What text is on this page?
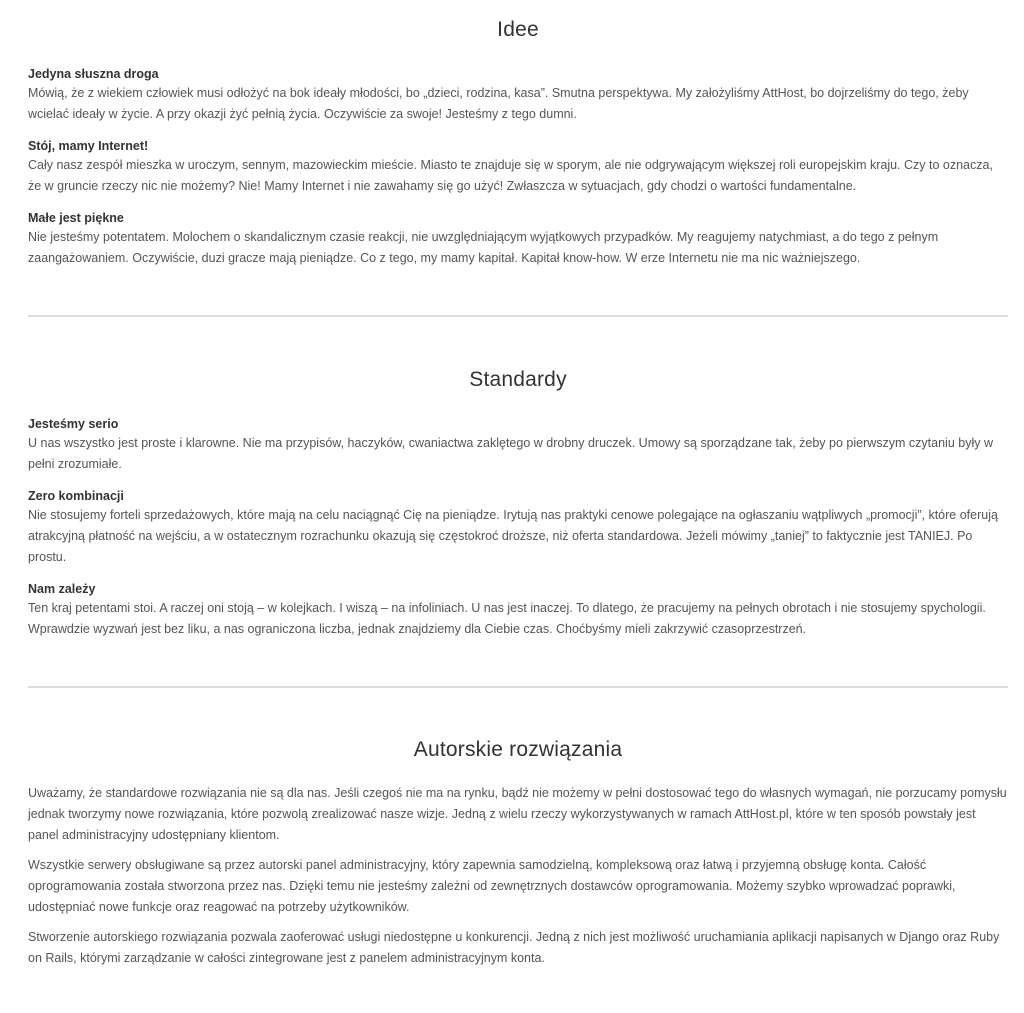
Idee
Jedyna słuszna droga
Mówią, że z wiekiem człowiek musi odłożyć na bok ideały młodości, bo „dzieci, rodzina, kasa”. Smutna perspektywa. My założyliśmy AttHost, bo dojrzeliśmy do tego, żeby wcielać ideały w życie. A przy okazji żyć pełnią życia. Oczywiście za swoje! Jesteśmy z tego dumni.
Stój, mamy Internet!
Cały nasz zespół mieszka w uroczym, sennym, mazowieckim mieście. Miasto te znajduje się w sporym, ale nie odgrywającym większej roli europejskim kraju. Czy to oznacza, że w gruncie rzeczy nic nie możemy? Nie! Mamy Internet i nie zawahamy się go użyć! Zwłaszcza w sytuacjach, gdy chodzi o wartości fundamentalne.
Małe jest piękne
Nie jesteśmy potentatem. Molochem o skandalicznym czasie reakcji, nie uwzględniającym wyjątkowych przypadków. My reagujemy natychmiast, a do tego z pełnym zaangażowaniem. Oczywiście, duzi gracze mają pieniądze. Co z tego, my mamy kapitał. Kapitał know-how. W erze Internetu nie ma nic ważniejszego.
Standardy
Jesteśmy serio
U nas wszystko jest proste i klarowne. Nie ma przypisów, haczyków, cwaniactwa zaklętego w drobny druczek. Umowy są sporządzane tak, żeby po pierwszym czytaniu były w pełni zrozumiałe.
Zero kombinacji
Nie stosujemy forteli sprzedażowych, które mają na celu naciągnąć Cię na pieniądze. Irytują nas praktyki cenowe polegające na ogłaszaniu wątpliwych „promocji”, które oferują atrakcyjną płatność na wejściu, a w ostatecznym rozrachunku okazują się częstokroć droższe, niż oferta standardowa. Jeżeli mówimy „taniej” to faktycznie jest TANIEJ. Po prostu.
Nam zależy
Ten kraj petentami stoi. A raczej oni stoją – w kolejkach. I wiszą – na infoliniach. U nas jest inaczej. To dlatego, że pracujemy na pełnych obrotach i nie stosujemy spychologii. Wprawdzie wyzwań jest bez liku, a nas ograniczona liczba, jednak znajdziemy dla Ciebie czas. Choćbyśmy mieli zakrzywić czasoprzestrzeń.
Autorskie rozwiązania
Uważamy, że standardowe rozwiązania nie są dla nas. Jeśli czegoś nie ma na rynku, bądź nie możemy w pełni dostosować tego do własnych wymagań, nie porzucamy pomysłu jednak tworzymy nowe rozwiązania, które pozwolą zrealizować nasze wizje. Jedną z wielu rzeczy wykorzystywanych w ramach AttHost.pl, które w ten sposób powstały jest panel administracyjny udostępniany klientom.
Wszystkie serwery obsługiwane są przez autorski panel administracyjny, który zapewnia samodzielną, kompleksową oraz łatwą i przyjemną obsługę konta. Całość oprogramowania została stworzona przez nas. Dzięki temu nie jesteśmy zależni od zewnętrznych dostawców oprogramowania. Możemy szybko wprowadzać poprawki, udostępniać nowe funkcje oraz reagować na potrzeby użytkowników.
Stworzenie autorskiego rozwiązania pozwala zaoferować usługi niedostępne u konkurencji. Jedną z nich jest możliwość uruchamiania aplikacji napisanych w Django oraz Ruby on Rails, którymi zarządzanie w całości zintegrowane jest z panelem administracyjnym konta.
